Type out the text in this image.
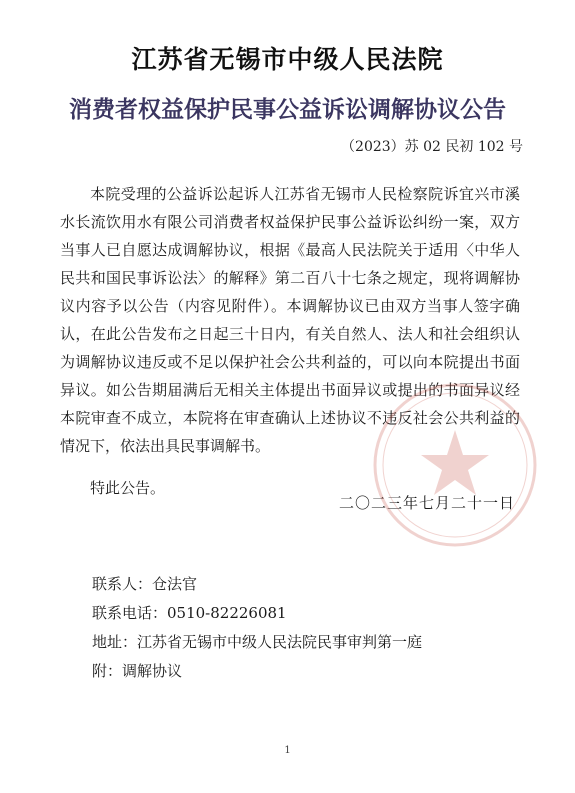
江苏省无锡市中级人民法院
消费者权益保护民事公益诉讼调解协议公告
（2023）苏 02 民初 102 号

本院受理的公益诉讼起诉人江苏省无锡市人民检察院诉宜兴市溪水长流饮用水有限公司消费者权益保护民事公益诉讼纠纷一案，双方当事人已自愿达成调解协议，根据《最高人民法院关于适用〈中华人民共和国民事诉讼法〉的解释》第二百八十七条之规定，现将调解协议内容予以公告（内容见附件）。本调解协议已由双方当事人签字确认，在此公告发布之日起三十日内，有关自然人、法人和社会组织认为调解协议违反或不足以保护社会公共利益的，可以向本院提出书面异议。如公告期届满后无相关主体提出书面异议或提出的书面异议经本院审查不成立，本院将在审查确认上述协议不违反社会公共利益的情况下，依法出具民事调解书。

特此公告。

二〇二三年七月二十一日
联系人：仓法官
联系电话：0510-82226081
地址：江苏省无锡市中级人民法院民事审判第一庭
附：调解协议
1
